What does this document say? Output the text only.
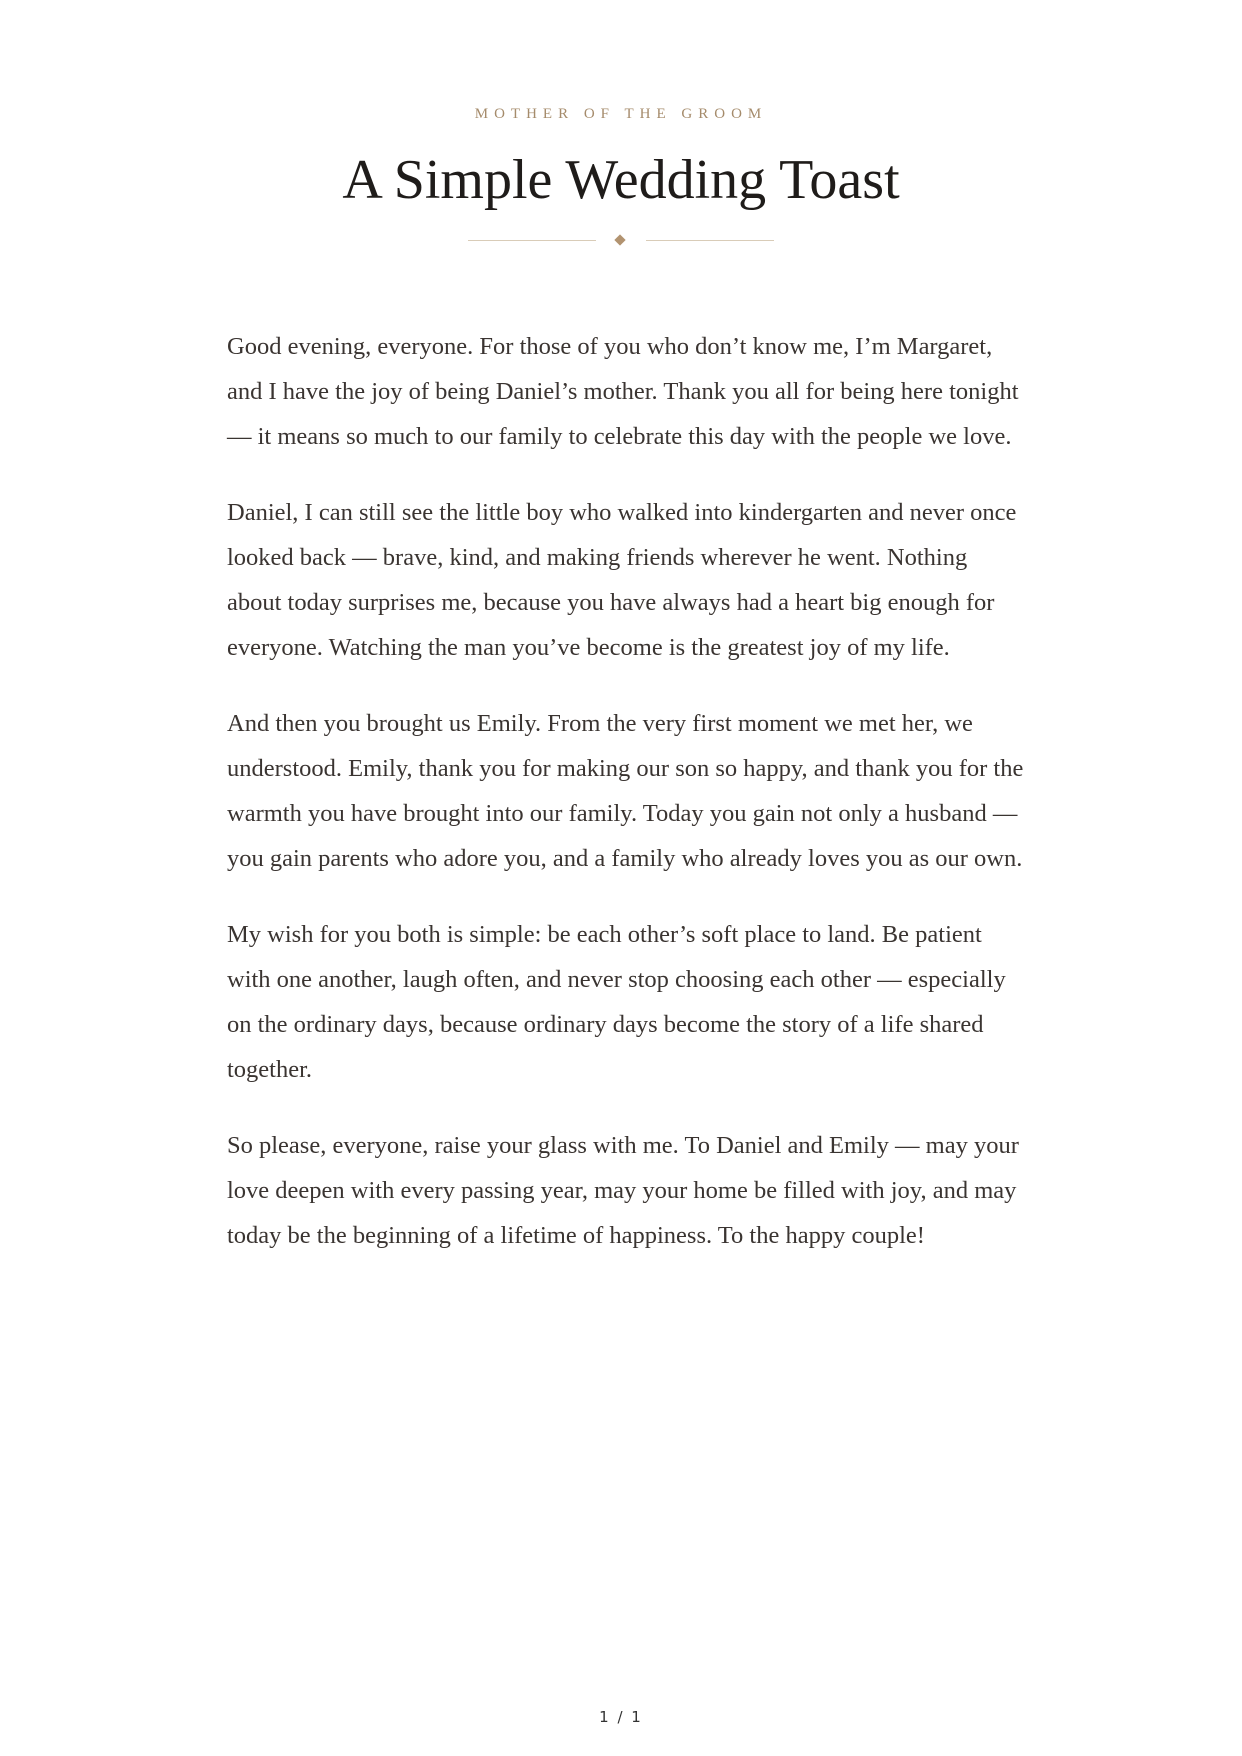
MOTHER OF THE GROOM
A Simple Wedding Toast

Good evening, everyone. For those of you who don’t know me, I’m Margaret, and I have the joy of being Daniel’s mother. Thank you all for being here tonight — it means so much to our family to celebrate this day with the people we love.

Daniel, I can still see the little boy who walked into kindergarten and never once looked back — brave, kind, and making friends wherever he went. Nothing about today surprises me, because you have always had a heart big enough for everyone. Watching the man you’ve become is the greatest joy of my life.

And then you brought us Emily. From the very first moment we met her, we understood. Emily, thank you for making our son so happy, and thank you for the warmth you have brought into our family. Today you gain not only a husband — you gain parents who adore you, and a family who already loves you as our own.

My wish for you both is simple: be each other’s soft place to land. Be patient with one another, laugh often, and never stop choosing each other — especially on the ordinary days, because ordinary days become the story of a life shared together.

So please, everyone, raise your glass with me. To Daniel and Emily — may your love deepen with every passing year, may your home be filled with joy, and may today be the beginning of a lifetime of happiness. To the happy couple!

1 / 1
